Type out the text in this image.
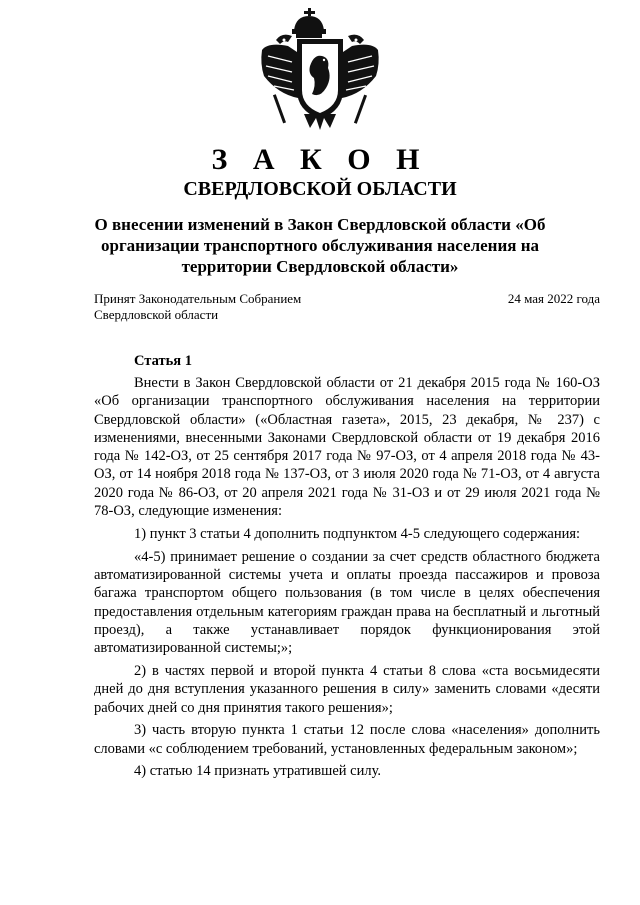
З А К О Н
СВЕРДЛОВСКОЙ ОБЛАСТИ
О внесении изменений в Закон Свердловской области «Об организации транспортного обслуживания населения на территории Свердловской области»
Принят Законодательным Собранием
Свердловской области
24 мая 2022 года
Статья 1

Внести в Закон Свердловской области от 21 декабря 2015 года № 160-ОЗ «Об организации транспортного обслуживания населения на территории Свердловской области» («Областная газета», 2015, 23 декабря, № 237) с изменениями, внесенными Законами Свердловской области от 19 декабря 2016 года № 142-ОЗ, от 25 сентября 2017 года № 97-ОЗ, от 4 апреля 2018 года № 43-ОЗ, от 14 ноября 2018 года № 137-ОЗ, от 3 июля 2020 года № 71-ОЗ, от 4 августа 2020 года № 86-ОЗ, от 20 апреля 2021 года № 31-ОЗ и от 29 июля 2021 года № 78-ОЗ, следующие изменения:

1) пункт 3 статьи 4 дополнить подпунктом 4-5 следующего содержания:

«4-5) принимает решение о создании за счет средств областного бюджета автоматизированной системы учета и оплаты проезда пассажиров и провоза багажа транспортом общего пользования (в том числе в целях обеспечения предоставления отдельным категориям граждан права на бесплатный и льготный проезд), а также устанавливает порядок функционирования этой автоматизированной системы;»;

2) в частях первой и второй пункта 4 статьи 8 слова «ста восьмидесяти дней до дня вступления указанного решения в силу» заменить словами «десяти рабочих дней со дня принятия такого решения»;

3) часть вторую пункта 1 статьи 12 после слова «населения» дополнить словами «с соблюдением требований, установленных федеральным законом»;

4) статью 14 признать утратившей силу.
